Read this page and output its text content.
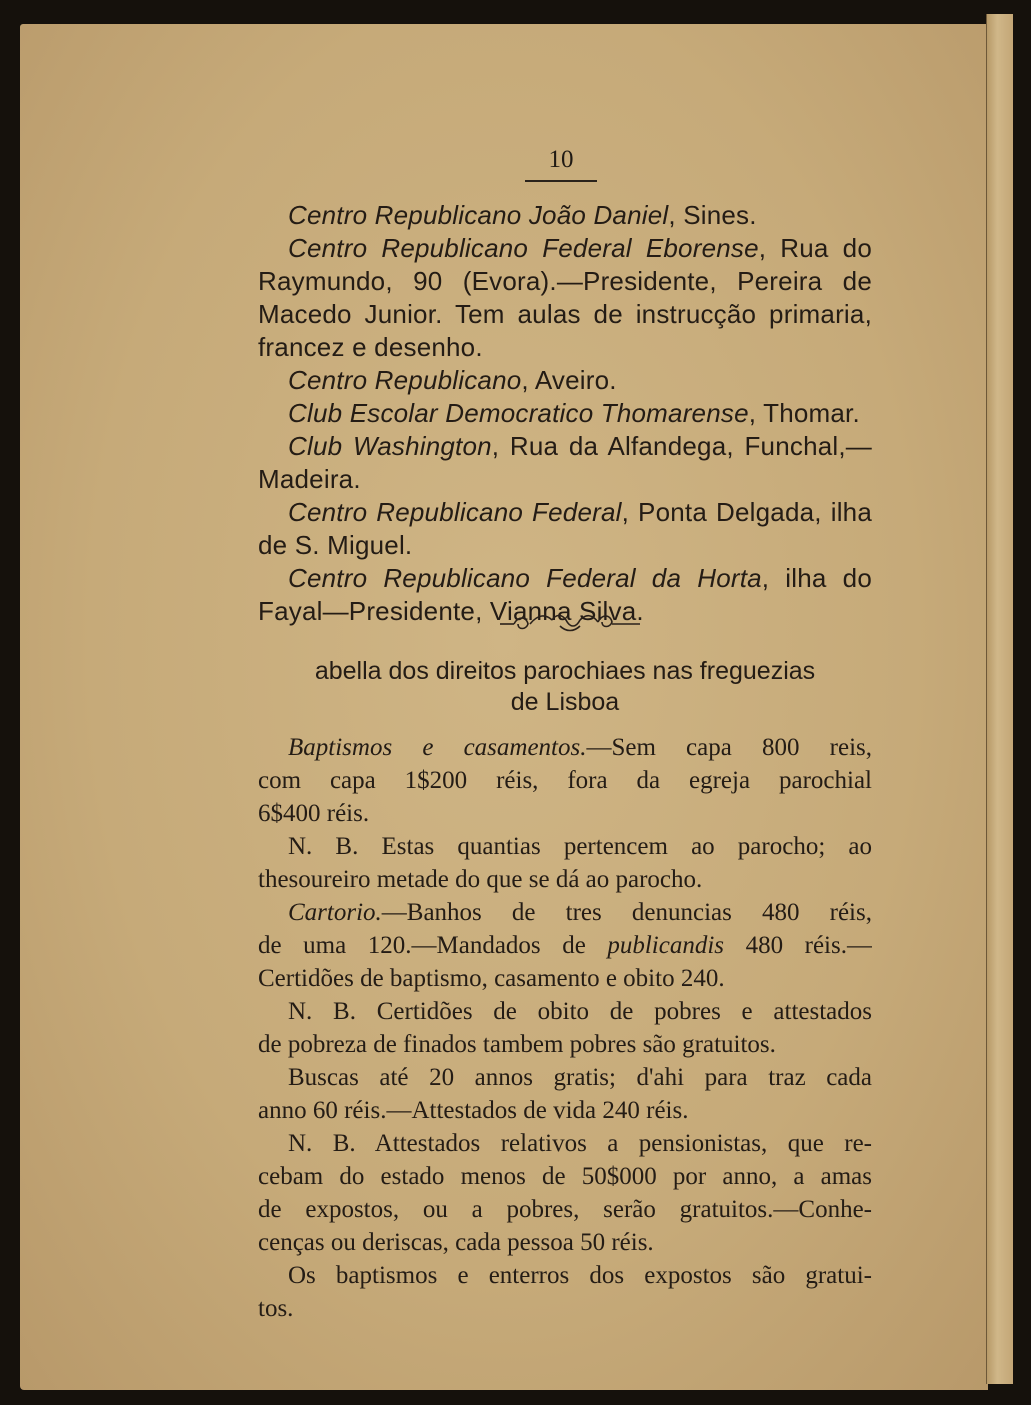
10
Centro Republicano João Daniel, Sines.
Centro Republicano Federal Eborense, Rua do
Raymundo, 90 (Evora).—Presidente, Pereira de
Macedo Junior. Tem aulas de instrucção primaria,
francez e desenho.
Centro Republicano, Aveiro.
Club Escolar Democratico Thomarense, Thomar.
Club Washington, Rua da Alfandega, Funchal,—
Madeira.
Centro Republicano Federal, Ponta Delgada, ilha
de S. Miguel.
Centro Republicano Federal da Horta, ilha do
Fayal—Presidente, Vianna Silva.
abella dos direitos parochiaes nas freguezias
de Lisboa
Baptismos e casamentos.—Sem capa 800 reis,
com capa 1$200 réis, fora da egreja parochial
6$400 réis.
N. B. Estas quantias pertencem ao parocho; ao
thesoureiro metade do que se dá ao parocho.
Cartorio.—Banhos de tres denuncias 480 réis,
de uma 120.—Mandados de publicandis 480 réis.—
Certidões de baptismo, casamento e obito 240.
N. B. Certidões de obito de pobres e attestados
de pobreza de finados tambem pobres são gratuitos.
Buscas até 20 annos gratis; d'ahi para traz cada
anno 60 réis.—Attestados de vida 240 réis.
N. B. Attestados relativos a pensionistas, que re-
cebam do estado menos de 50$000 por anno, a amas
de expostos, ou a pobres, serão gratuitos.—Conhe-
cenças ou deriscas, cada pessoa 50 réis.
Os baptismos e enterros dos expostos são gratui-
tos.
